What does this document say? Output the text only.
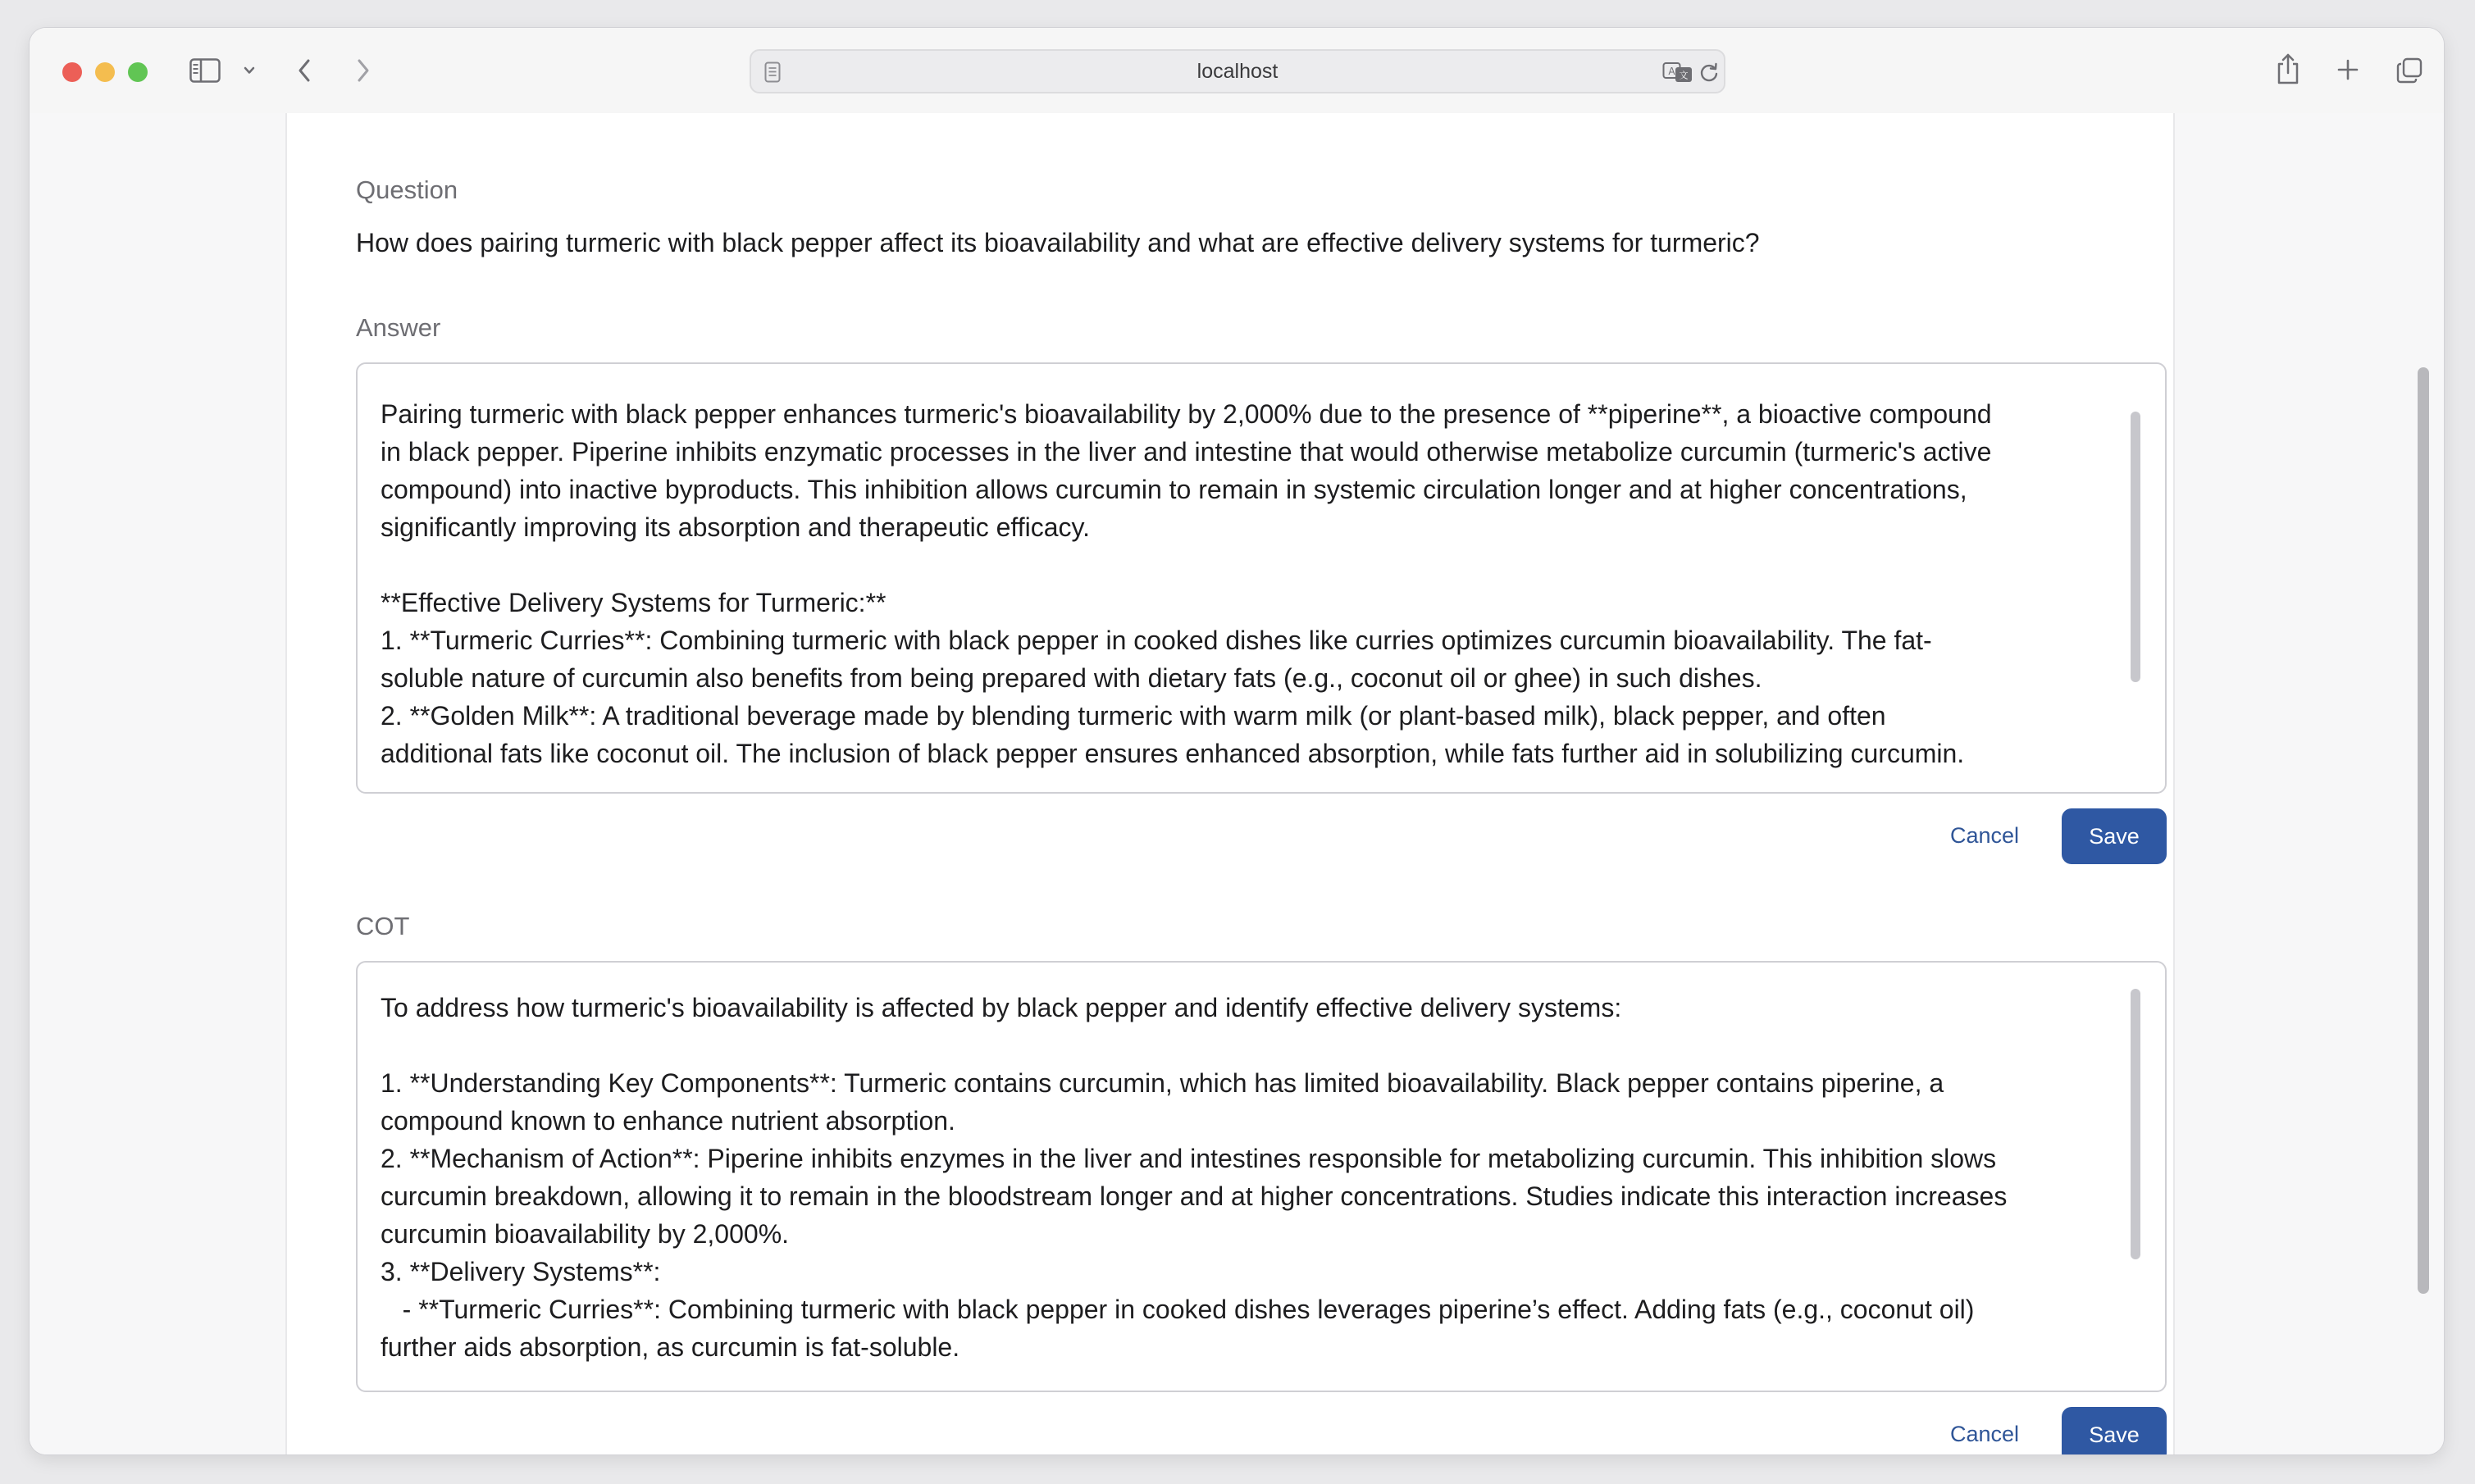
localhost	A 文
Question
How does pairing turmeric with black pepper affect its bioavailability and what are effective delivery systems for turmeric?
Answer
Pairing turmeric with black pepper enhances turmeric's bioavailability by 2,000% due to the presence of **piperine**, a bioactive compound
in black pepper. Piperine inhibits enzymatic processes in the liver and intestine that would otherwise metabolize curcumin (turmeric's active
compound) into inactive byproducts. This inhibition allows curcumin to remain in systemic circulation longer and at higher concentrations,
significantly improving its absorption and therapeutic efficacy.

**Effective Delivery Systems for Turmeric:**
1. **Turmeric Curries**: Combining turmeric with black pepper in cooked dishes like curries optimizes curcumin bioavailability. The fat-
soluble nature of curcumin also benefits from being prepared with dietary fats (e.g., coconut oil or ghee) in such dishes.
2. **Golden Milk**: A traditional beverage made by blending turmeric with warm milk (or plant-based milk), black pepper, and often
additional fats like coconut oil. The inclusion of black pepper ensures enhanced absorption, while fats further aid in solubilizing curcumin.
Cancel	Save
COT
To address how turmeric's bioavailability is affected by black pepper and identify effective delivery systems:

1. **Understanding Key Components**: Turmeric contains curcumin, which has limited bioavailability. Black pepper contains piperine, a
compound known to enhance nutrient absorption.
2. **Mechanism of Action**: Piperine inhibits enzymes in the liver and intestines responsible for metabolizing curcumin. This inhibition slows
curcumin breakdown, allowing it to remain in the bloodstream longer and at higher concentrations. Studies indicate this interaction increases
curcumin bioavailability by 2,000%.
3. **Delivery Systems**:
- **Turmeric Curries**: Combining turmeric with black pepper in cooked dishes leverages piperine’s effect. Adding fats (e.g., coconut oil)
further aids absorption, as curcumin is fat-soluble.
Cancel	Save
